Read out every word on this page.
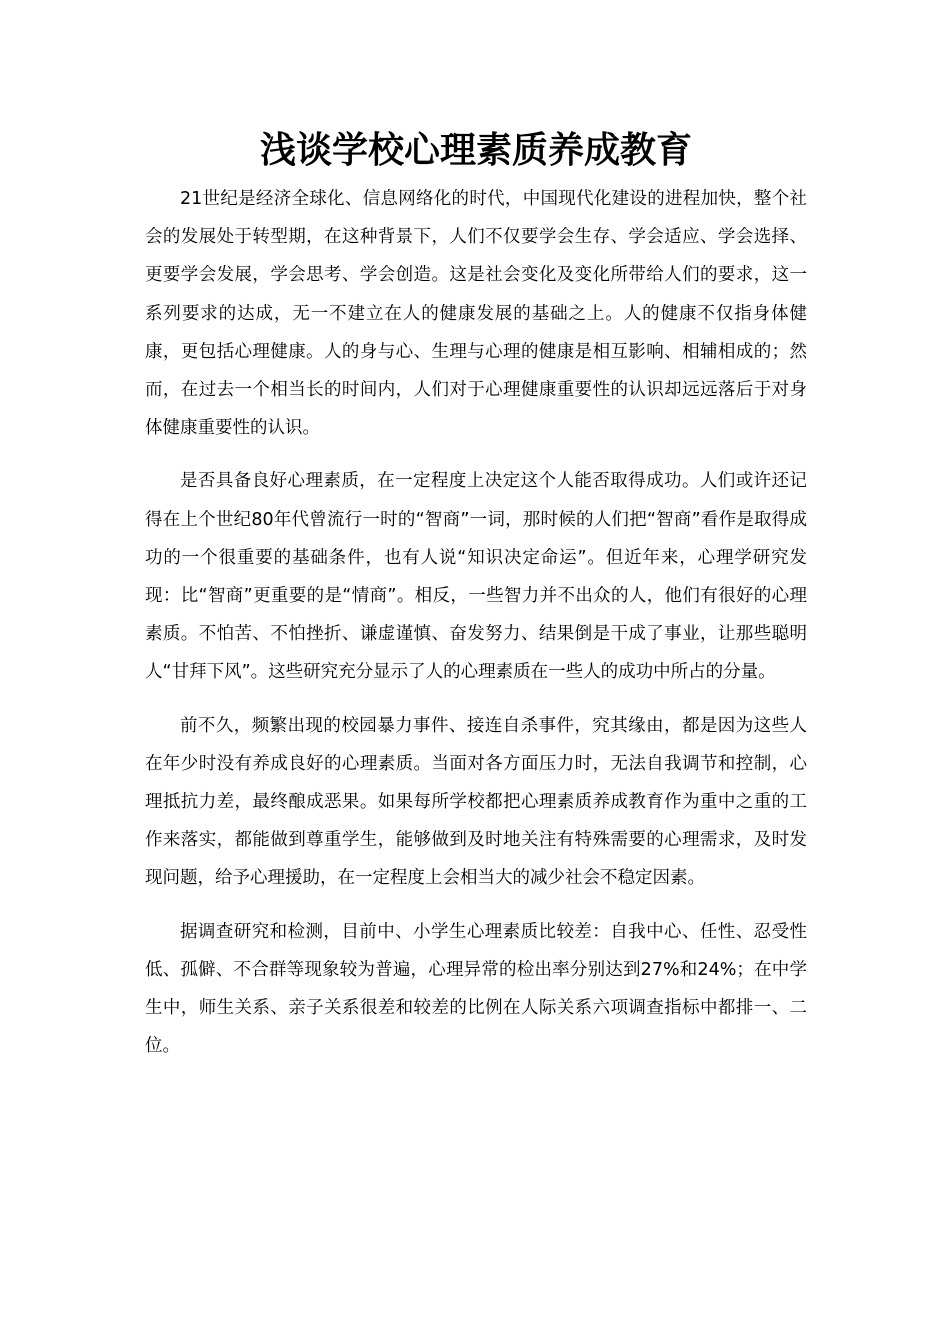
浅谈学校心理素质养成教育

21世纪是经济全球化、信息网络化的时代，中国现代化建设的进程加快，整个社会的发展处于转型期，在这种背景下，人们不仅要学会生存、学会适应、学会选择、更要学会发展，学会思考、学会创造。这是社会变化及变化所带给人们的要求，这一系列要求的达成，无一不建立在人的健康发展的基础之上。人的健康不仅指身体健康，更包括心理健康。人的身与心、生理与心理的健康是相互影响、相辅相成的；然而，在过去一个相当长的时间内，人们对于心理健康重要性的认识却远远落后于对身体健康重要性的认识。

是否具备良好心理素质，在一定程度上决定这个人能否取得成功。人们或许还记得在上个世纪80年代曾流行一时的“智商”一词，那时候的人们把“智商”看作是取得成功的一个很重要的基础条件，也有人说“知识决定命运”。但近年来，心理学研究发现：比“智商”更重要的是“情商”。相反，一些智力并不出众的人，他们有很好的心理素质。不怕苦、不怕挫折、谦虚谨慎、奋发努力、结果倒是干成了事业，让那些聪明人“甘拜下风”。这些研究充分显示了人的心理素质在一些人的成功中所占的分量。

前不久，频繁出现的校园暴力事件、接连自杀事件，究其缘由，都是因为这些人在年少时没有养成良好的心理素质。当面对各方面压力时，无法自我调节和控制，心理抵抗力差，最终酿成恶果。如果每所学校都把心理素质养成教育作为重中之重的工作来落实，都能做到尊重学生，能够做到及时地关注有特殊需要的心理需求，及时发现问题，给予心理援助，在一定程度上会相当大的减少社会不稳定因素。

据调查研究和检测，目前中、小学生心理素质比较差：自我中心、任性、忍受性低、孤僻、不合群等现象较为普遍，心理异常的检出率分别达到27%和24%；在中学生中，师生关系、亲子关系很差和较差的比例在人际关系六项调查指标中都排一、二位。
